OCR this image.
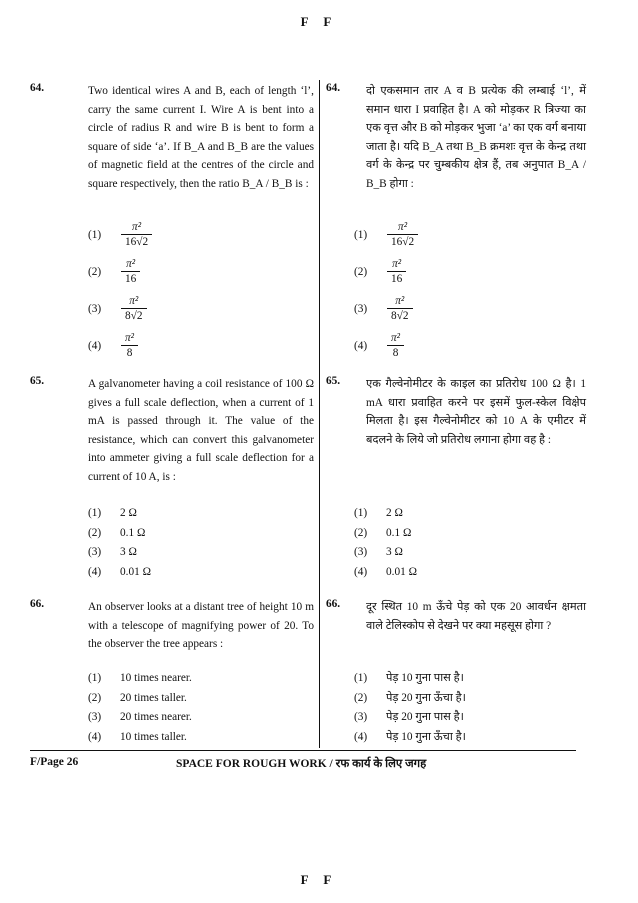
F F
64.	Two identical wires A and B, each of length ‘l’, carry the same current I. Wire A is bent into a circle of radius R and wire B is bent to form a square of side ‘a’. If B_A and B_B are the values of magnetic field at the centres of the circle and square respectively, then the ratio B_A / B_B is :
$(1) \frac{\text{π²}}{16√2}$
$(2) \frac{\text{π²}}{16}$
$(3) \frac{\text{π²}}{8√2}$
$(4) \frac{\text{π²}}{8}$
65.	A galvanometer having a coil resistance of 100 Ω gives a full scale deflection, when a current of 1 mA is passed through it. The value of the resistance, which can convert this galvanometer into ammeter giving a full scale deflection for a current of 10 A, is :
(1) 2 Ω
(2) 0.1 Ω
(3) 3 Ω
(4) 0.01 Ω
66.	An observer looks at a distant tree of height 10 m with a telescope of magnifying power of 20. To the observer the tree appears :
(1) 10 times nearer.
(2) 20 times taller.
(3) 20 times nearer.
(4) 10 times taller.
64. दो एकसमान तार A व B प्रत्येक की लम्बाई ‘l’, में समान धारा I प्रवाहित है। A को मोड़कर R त्रिज्या का एक वृत्त और B को मोड़कर भुजा ‘a’ का एक वर्ग बनाया जाता है। यदि B_A तथा B_B क्रमशः वृत्त के केन्द्र तथा वर्ग के केन्द्र पर चुम्बकीय क्षेत्र हैं, तब अनुपात B_A / B_B होगा :
$(1) \frac{\text{π²}}{16√2}$
$(2) \frac{\text{π²}}{16}$
$(3) \frac{\text{π²}}{8√2}$
$(4) \frac{\text{π²}}{8}$
65. एक गैल्वेनोमीटर के काइल का प्रतिरोध 100 Ω है। 1 mA धारा प्रवाहित करने पर इसमें फुल-स्केल विक्षेप मिलता है। इस गैल्वेनोमीटर को 10 A के एमीटर में बदलने के लिये जो प्रतिरोध लगाना होगा वह है :
(1) 2 Ω
(2) 0.1 Ω
(3) 3 Ω
(4) 0.01 Ω
66. दूर स्थित 10 m ऊँचे पेड़ को एक 20 आवर्धन क्षमता वाले टेलिस्कोप से देखने पर क्या महसूस होगा ?
(1) पेड़ 10 गुना पास है।
(2) पेड़ 20 गुना ऊँचा है।
(3) पेड़ 20 गुना पास है।
(4) पेड़ 10 गुना ऊँचा है।
F/Page 26	SPACE FOR ROUGH WORK / रफ कार्य के लिए जगह
F F
